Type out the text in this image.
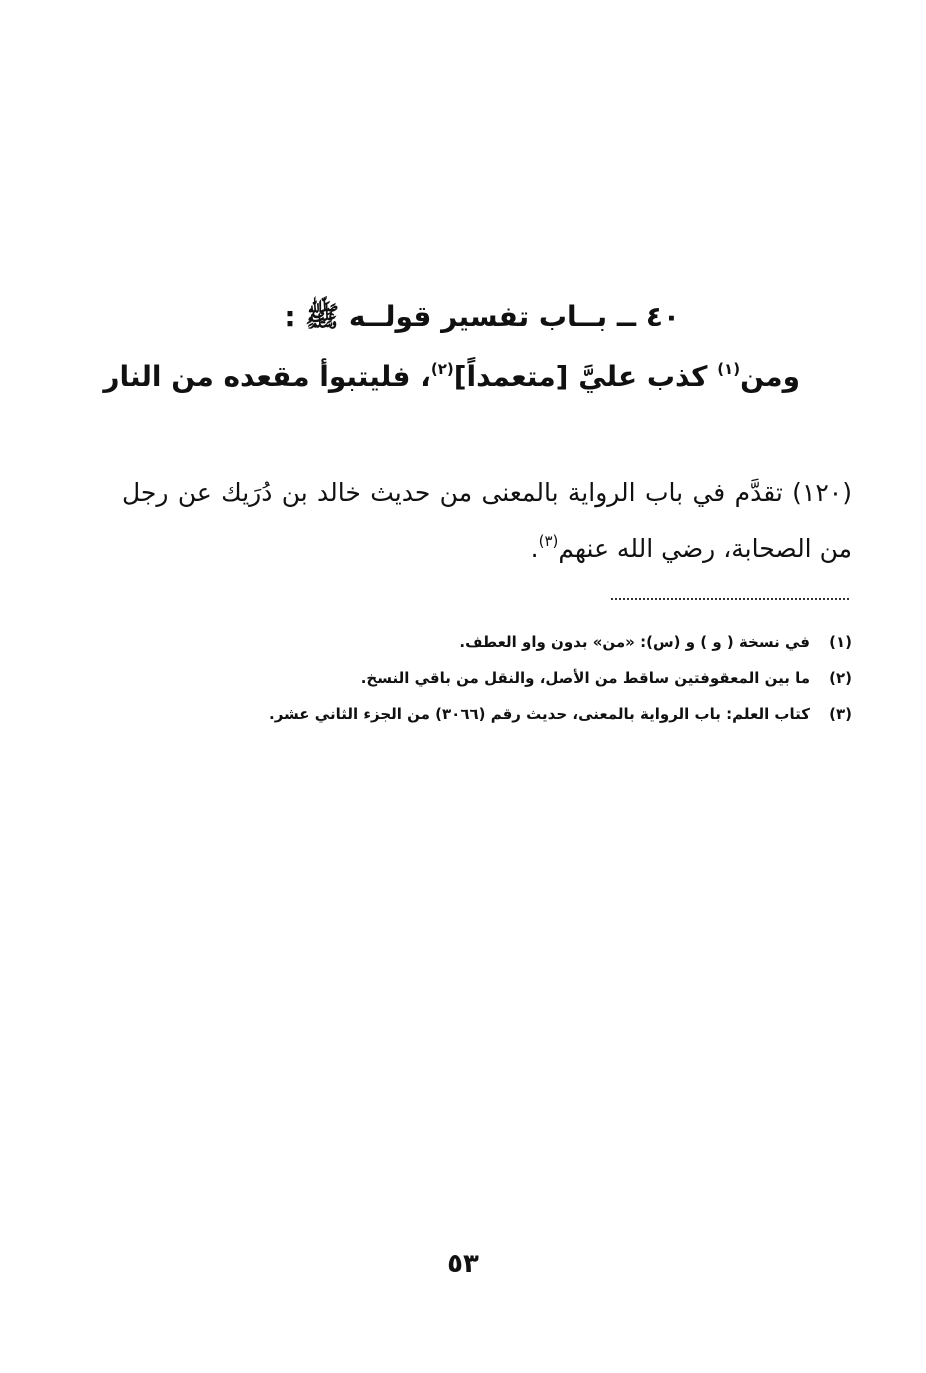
٤٠ ــ بــاب تفسير قولــه ﷺ :
ومن$^{(١)}$ كذب عليَّ [متعمداً]$^{(٢)}$، فليتبوأ مقعده من النار
(١٢٠) تقدَّم في باب الرواية بالمعنى من حديث خالد بن دُرَيك عن رجل من الصحابة، رضي الله عنهم$^{(٣)}$.
(١)في نسخة ( و ) و (س): «من» بدون واو العطف.
(٢)ما بين المعقوفتين ساقط من الأصل، والنقل من باقي النسخ.
(٣)كتاب العلم: باب الرواية بالمعنى، حديث رقم (٣٠٦٦) من الجزء الثاني عشر.
٥٣
